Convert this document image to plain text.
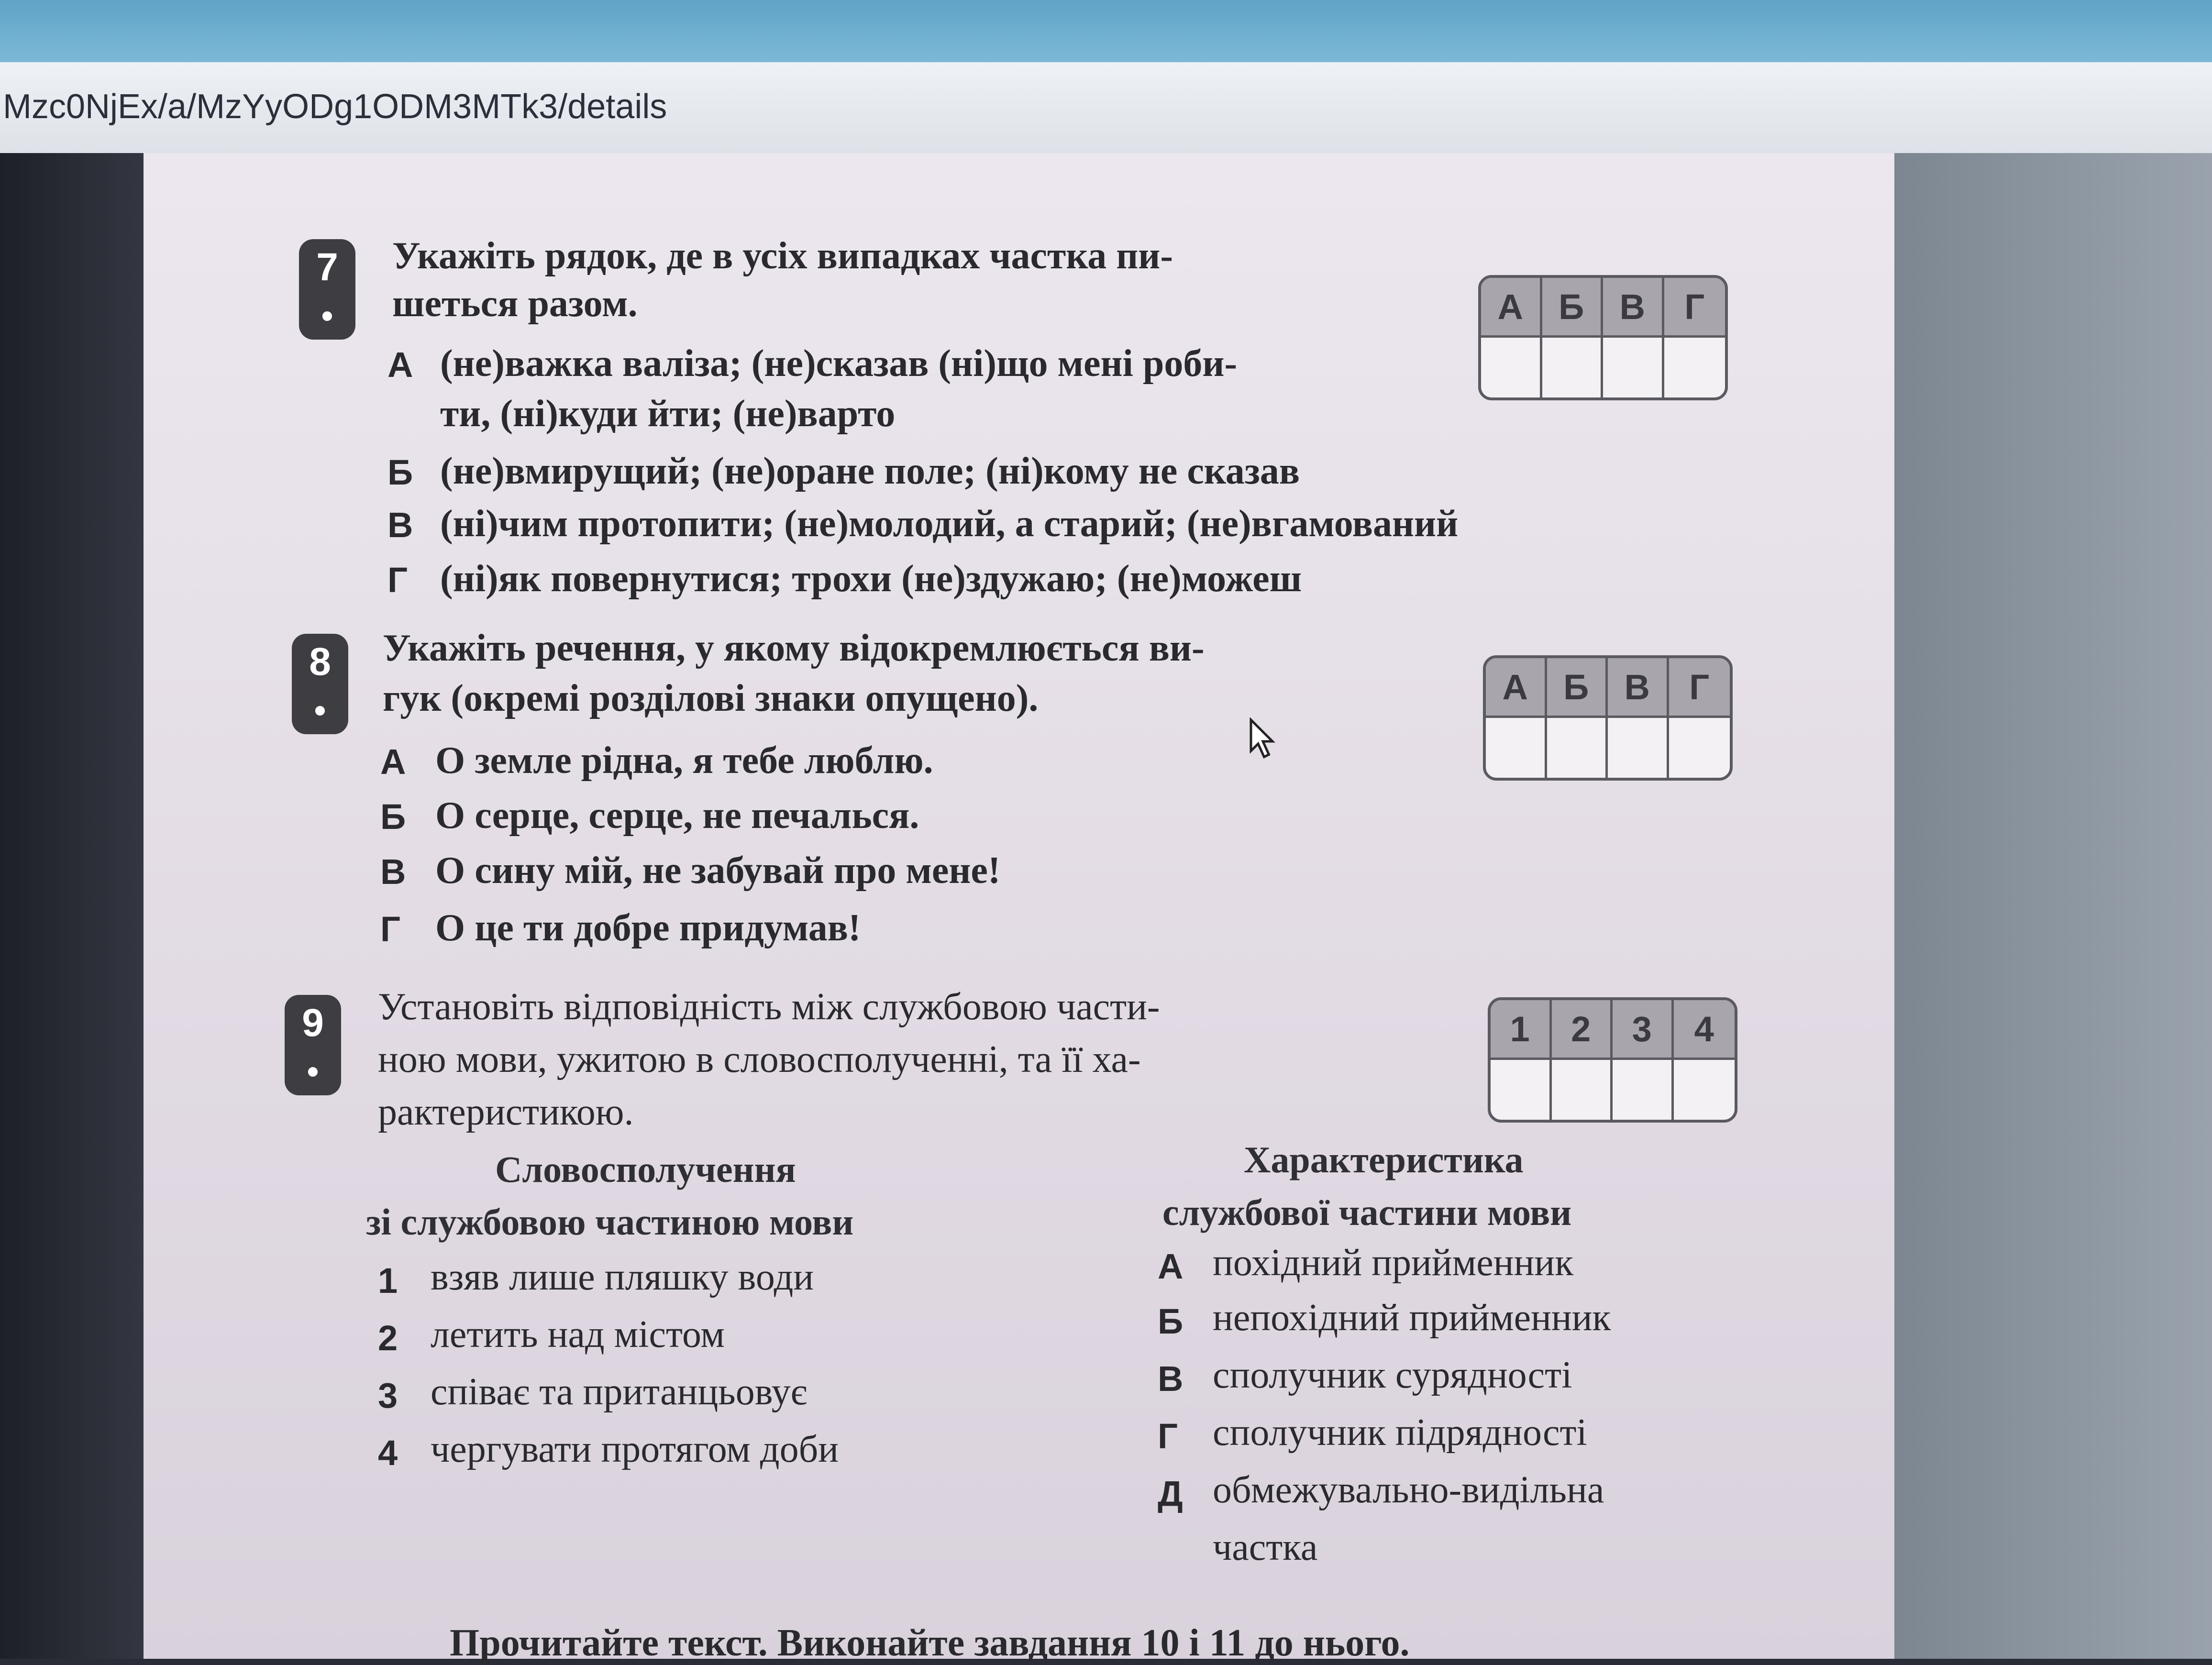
Mzc0NjEx/a/MzYyODg1ODM3MTk3/details
7
•
Укажіть рядок, де в усіх випадках частка пи-
шеться разом.
А (не)важка валіза; (не)сказав (ні)що мені роби-
ти, (ні)куди йти; (не)варто
Б (не)вмирущий; (не)оране поле; (ні)кому не сказав
В (ні)чим протопити; (не)молодий, а старий; (не)вгамований
Г (ні)як повернутися; трохи (не)здужаю; (не)можеш
А	Б	В	Г
8
•
Укажіть речення, у якому відокремлюється ви-
гук (окремі розділові знаки опущено).
А О земле рідна, я тебе люблю.
Б О серце, серце, не печалься.
В О сину мій, не забувай про мене!
Г О це ти добре придумав!
А	Б	В	Г
9
•
Установіть відповідність між службовою части-
ною мови, ужитою в словосполученні, та її ха-
рактеристикою.
1	2	3	4
Словосполучення
зі службовою частиною мови
Характеристика
службової частини мови
1 взяв лише пляшку води
2 летить над містом
3 співає та пританцьовує
4 чергувати протягом доби
А похідний прийменник
Б непохідний прийменник
В сполучник сурядності
Г сполучник підрядності
Д обмежувально-видільна
частка
Прочитайте текст. Виконайте завдання 10 і 11 до нього.
